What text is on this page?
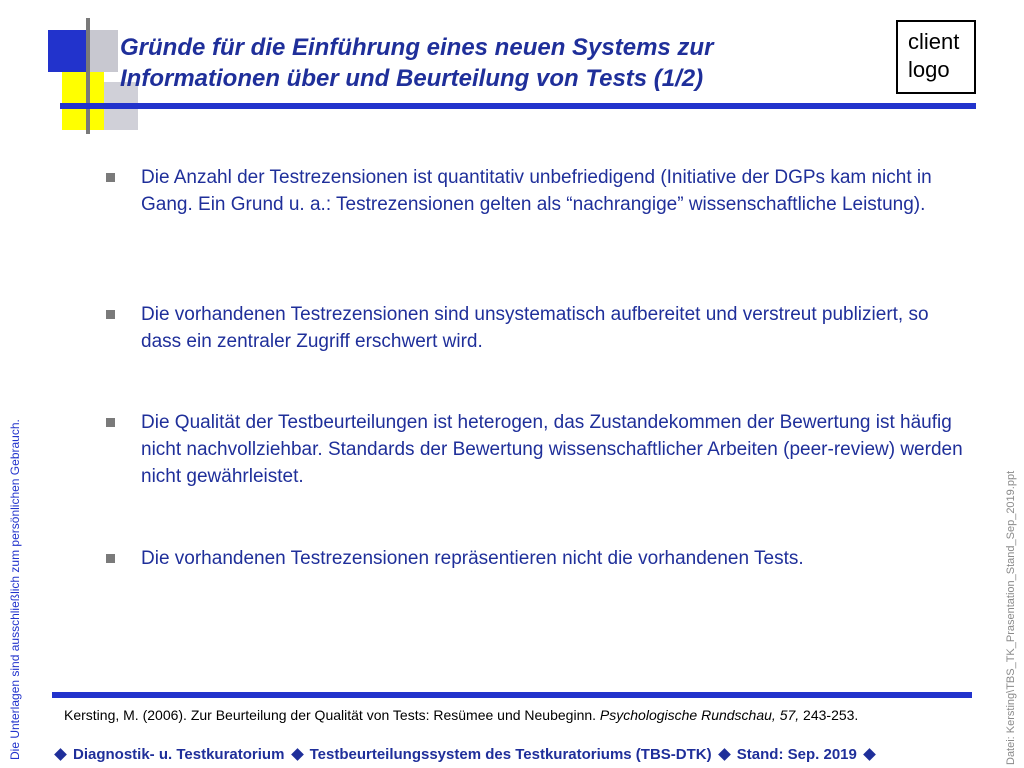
Gründe für die Einführung eines neuen Systems zur
Informationen über und Beurteilung von Tests (1/2)
client
logo
Die Anzahl der Testrezensionen ist quantitativ unbefriedigend (Initiative der DGPs kam nicht in Gang. Ein Grund u. a.: Testrezensionen gelten als “nachrangige” wissenschaftliche Leistung).
Die vorhandenen Testrezensionen sind unsystematisch aufbereitet und verstreut publiziert, so dass ein zentraler Zugriff erschwert wird.
Die Qualität der Testbeurteilungen ist heterogen, das Zustandekommen der Bewertung ist häufig nicht nachvollziehbar. Standards der Bewertung wissenschaftlicher Arbeiten (peer-review) werden nicht gewährleistet.
Die vorhandenen Testrezensionen repräsentieren nicht die vorhandenen Tests.
Kersting, M. (2006). Zur Beurteilung der Qualität von Tests: Resümee und Neubeginn. Psychologische Rundschau, 57, 243-253.
Diagnostik- u. Testkuratorium Testbeurteilungssystem des Testkuratoriums (TBS-DTK) Stand: Sep. 2019
Die Unterlagen sind ausschließlich zum persönlichen Gebrauch.	Datei: Kersting\TBS_TK_Prasentation_Stand_Sep_2019.ppt
